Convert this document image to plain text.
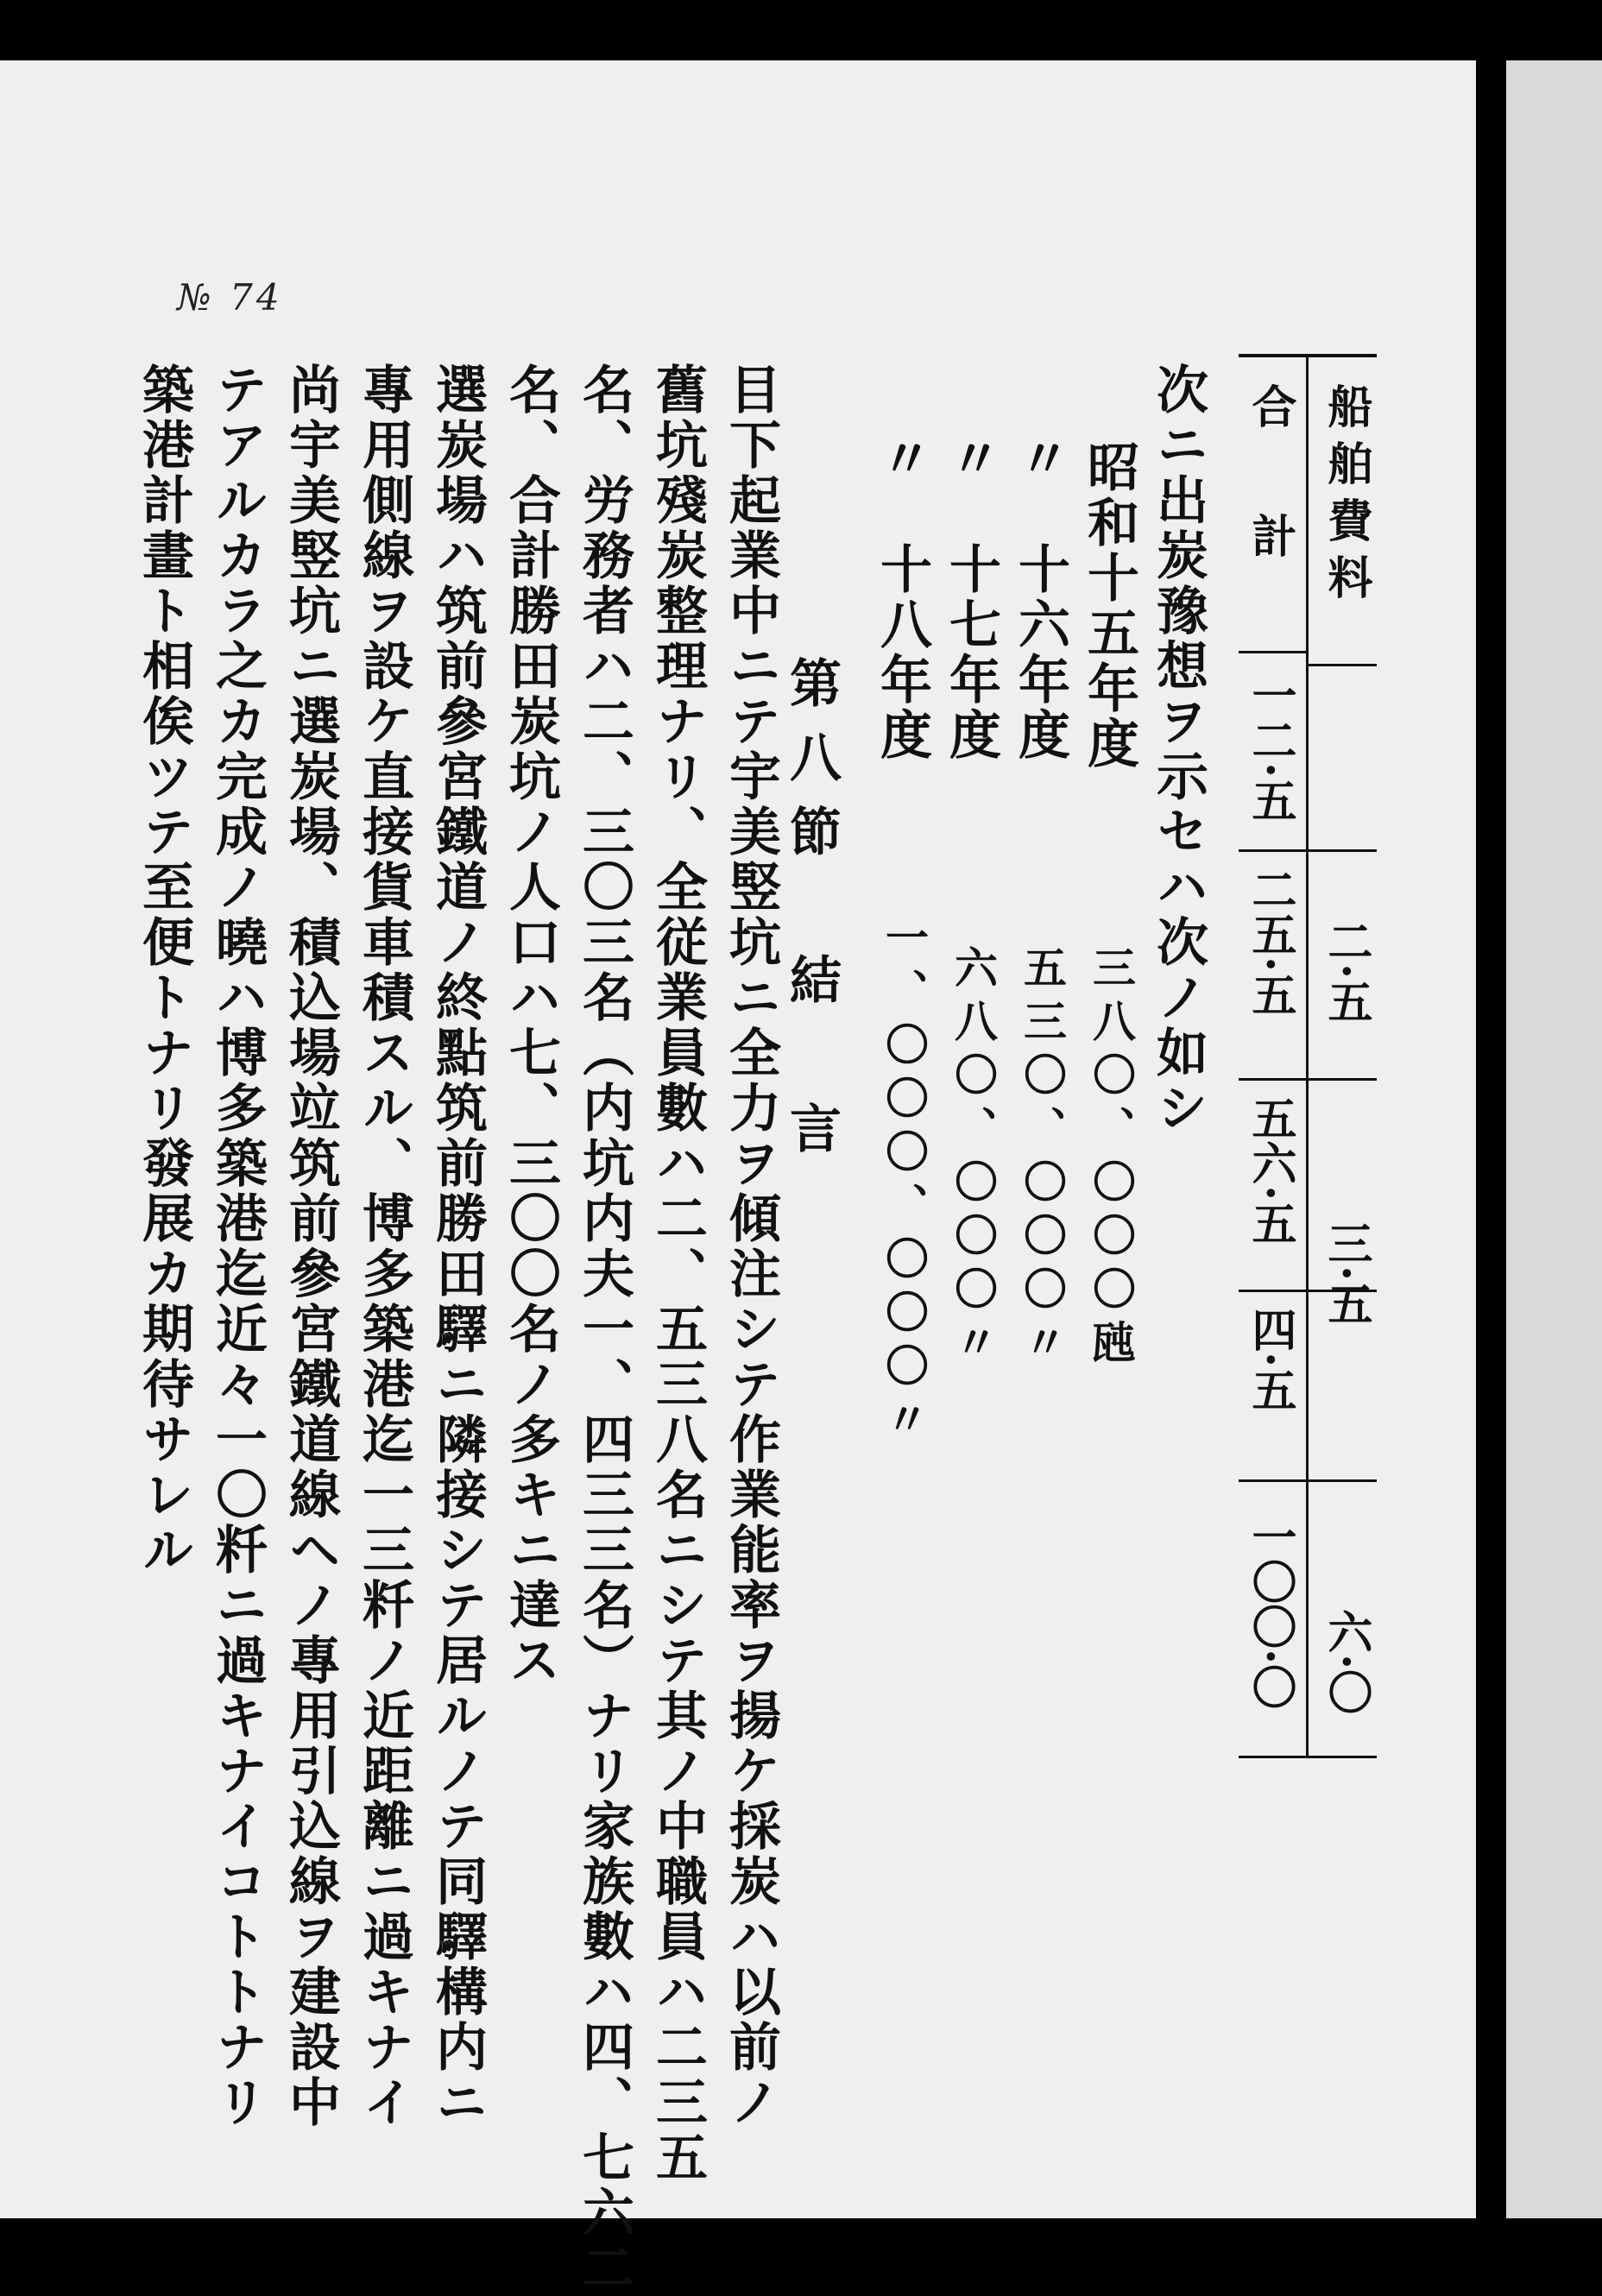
№ 74
船舶費料
合 計
一二·五
二五·五
五六·五
四·五
一〇〇·〇
二·五
三·五
六·〇
次ニ出炭豫想ヲ示セハ次ノ如シ
昭和十五年度
三八〇、〇〇〇瓲
〃　十六年度
五三〇、〇〇〇〃
〃　十七年度
六八〇、〇〇〇〃
〃　十八年度
一、〇〇〇、〇〇〇〃
第八節　結　言
目下起業中ニテ宇美竪坑ニ全力ヲ傾注シテ作業能率ヲ揚ケ採炭ハ以前ノ
舊坑殘炭整理ナリ、全従業員數ハ二、五三八名ニシテ其ノ中職員ハ二三五
名、労務者ハ二、三〇三名（内坑内夫一、四三三名）ナリ家族數ハ四、七六二
名、合計勝田炭坑ノ人口ハ七、三〇〇名ノ多キニ達ス
選炭場ハ筑前參宮鐵道ノ終點筑前勝田驛ニ隣接シテ居ルノテ同驛構内ニ
專用側線ヲ設ケ直接貨車積スル、博多築港迄一三粁ノ近距離ニ過キナイ
尚宇美竪坑ニ選炭場、積込場竝筑前參宮鐵道線ヘノ專用引込線ヲ建設中
テアルカラ之カ完成ノ曉ハ博多築港迄近々一〇粁ニ過キナイコトトナリ
築港計畫ト相俟ツテ至便トナリ發展カ期待サレル
